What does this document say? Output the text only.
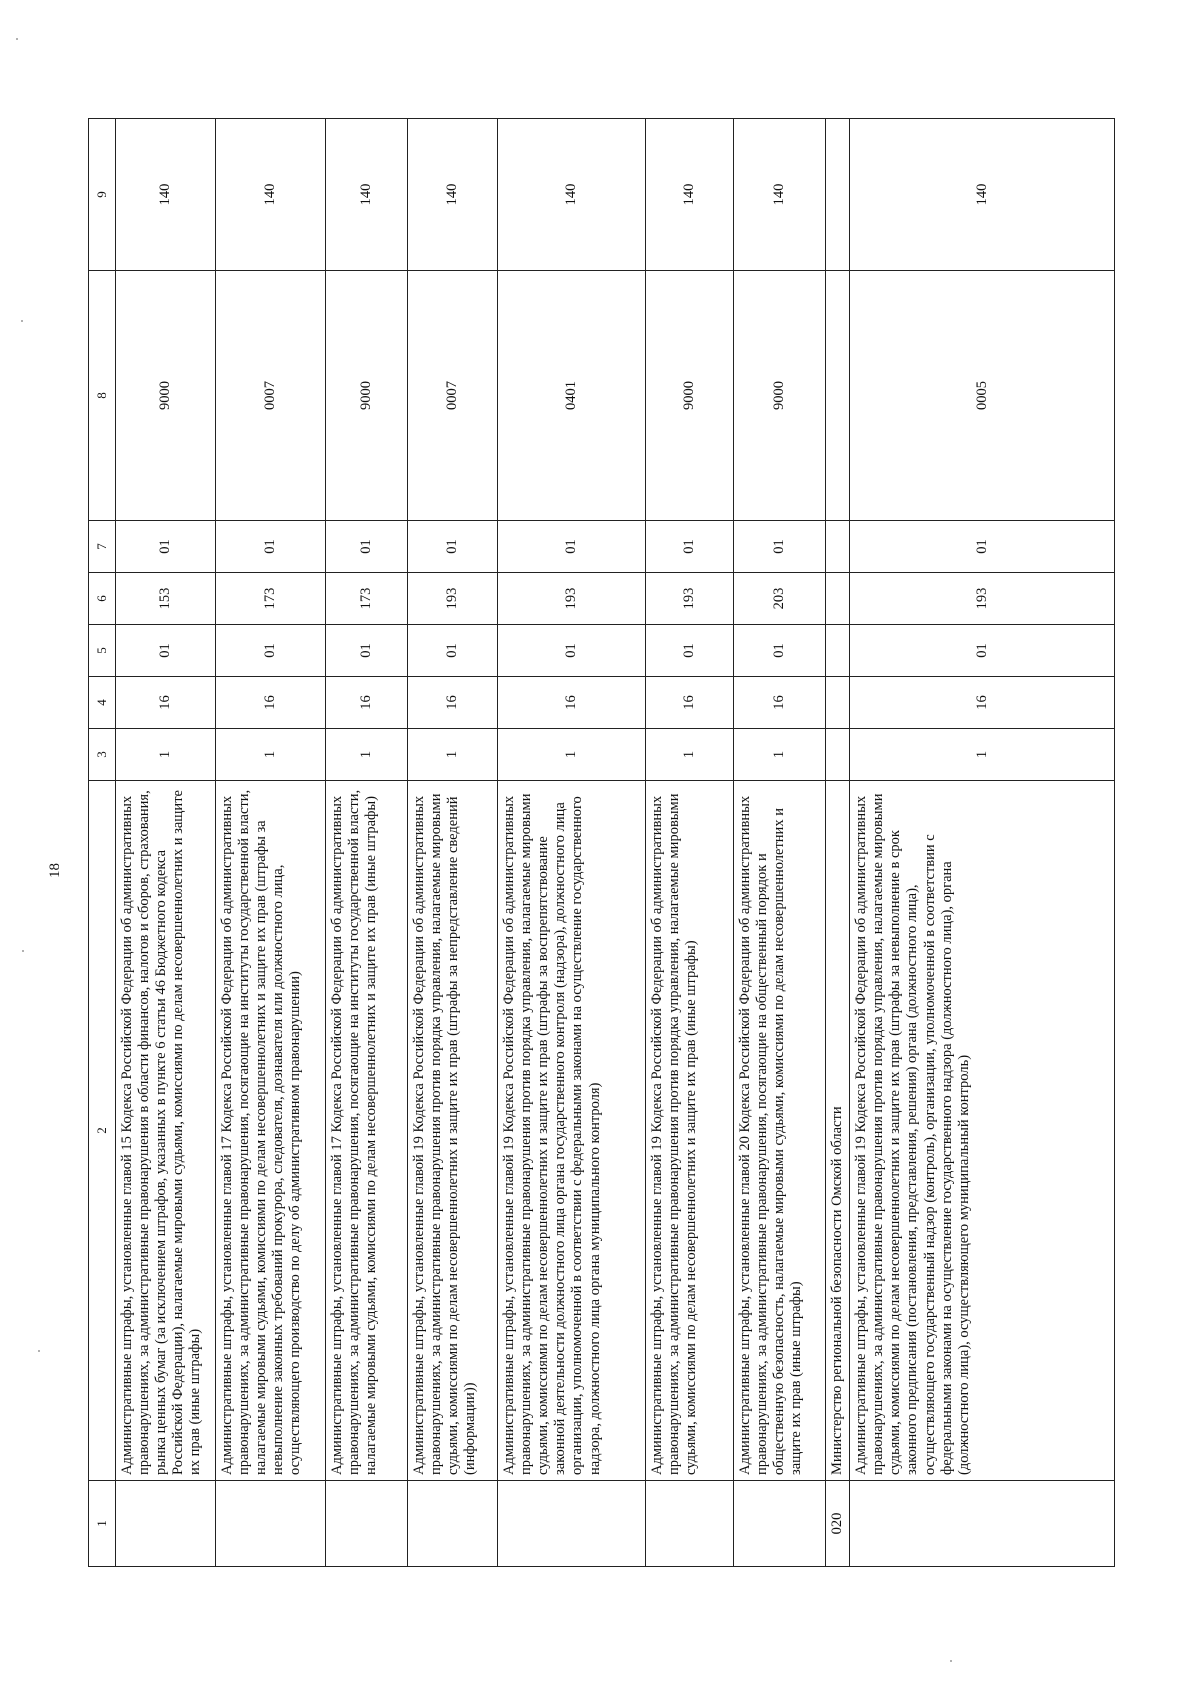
18
1	2	3	4	5	6	7	8	9
	Административные штрафы, установленные главой 15 Кодекса Российской Федерации об административных правонарушениях, за административные правонарушения в области финансов, налогов и сборов, страхования, рынка ценных бумаг (за исключением штрафов, указанных в пункте 6 статьи 46 Бюджетного кодекса Российской Федерации), налагаемые мировыми судьями, комиссиями по делам несовершеннолетних и защите их прав (иные штрафы)	1	16	01	153	01	9000	140
	Административные штрафы, установленные главой 17 Кодекса Российской Федерации об административных правонарушениях, за административные правонарушения, посягающие на институты государственной власти, налагаемые мировыми судьями, комиссиями по делам несовершеннолетних и защите их прав (штрафы за невыполнение законных требований прокурора, следователя, дознавателя или должностного лица, осуществляющего производство по делу об административном правонарушении)	1	16	01	173	01	0007	140
	Административные штрафы, установленные главой 17 Кодекса Российской Федерации об административных правонарушениях, за административные правонарушения, посягающие на институты государственной власти, налагаемые мировыми судьями, комиссиями по делам несовершеннолетних и защите их прав (иные штрафы)	1	16	01	173	01	9000	140
	Административные штрафы, установленные главой 19 Кодекса Российской Федерации об административных правонарушениях, за административные правонарушения против порядка управления, налагаемые мировыми судьями, комиссиями по делам несовершеннолетних и защите их прав (штрафы за непредставление сведений (информации))	1	16	01	193	01	0007	140
	Административные штрафы, установленные главой 19 Кодекса Российской Федерации об административных правонарушениях, за административные правонарушения против порядка управления, налагаемые мировыми судьями, комиссиями по делам несовершеннолетних и защите их прав (штрафы за воспрепятствование законной деятельности должностного лица органа государственного контроля (надзора), должностного лица организации, уполномоченной в соответствии с федеральными законами на осуществление государственного надзора, должностного лица органа муниципального контроля)	1	16	01	193	01	0401	140
	Административные штрафы, установленные главой 19 Кодекса Российской Федерации об административных правонарушениях, за административные правонарушения против порядка управления, налагаемые мировыми судьями, комиссиями по делам несовершеннолетних и защите их прав (иные штрафы)	1	16	01	193	01	9000	140
	Административные штрафы, установленные главой 20 Кодекса Российской Федерации об административных правонарушениях, за административные правонарушения, посягающие на общественный порядок и общественную безопасность, налагаемые мировыми судьями, комиссиями по делам несовершеннолетних и защите их прав (иные штрафы)	1	16	01	203	01	9000	140
020	Министерство региональной безопасности Омской области							
	Административные штрафы, установленные главой 19 Кодекса Российской Федерации об административных правонарушениях, за административные правонарушения против порядка управления, налагаемые мировыми судьями, комиссиями по делам несовершеннолетних и защите их прав (штрафы за невыполнение в срок законного предписания (постановления, представления, решения) органа (должностного лица), осуществляющего государственный надзор (контроль), организации, уполномоченной в соответствии с федеральными законами на осуществление государственного надзора (должностного лица), органа (должностного лица), осуществляющего муниципальный контроль)	1	16	01	193	01	0005	140
